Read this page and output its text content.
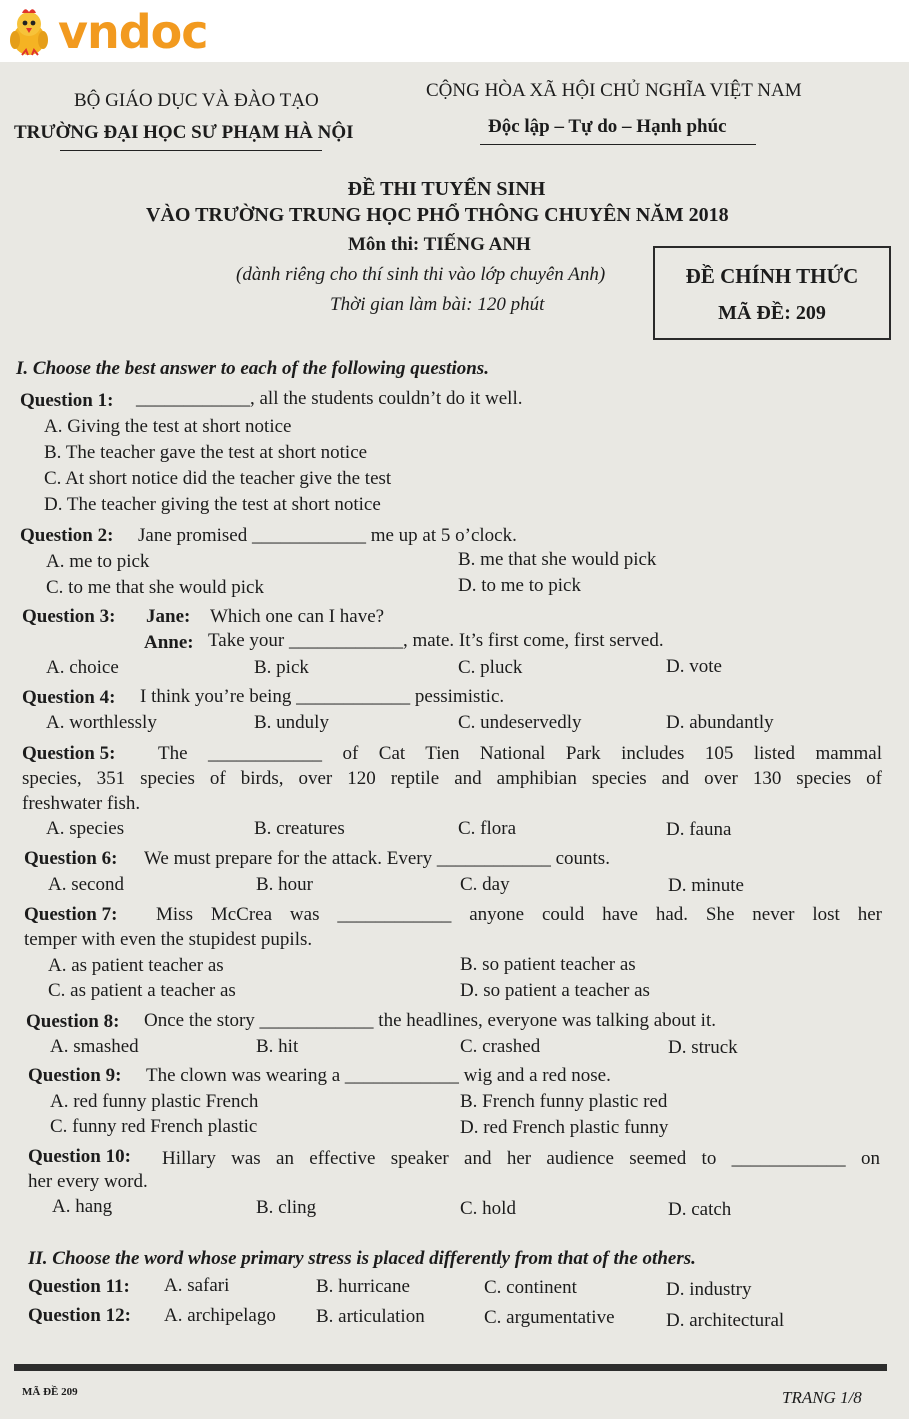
vndoc
BỘ GIÁO DỤC VÀ ĐÀO TẠO
TRƯỜNG ĐẠI HỌC SƯ PHẠM HÀ NỘI
CỘNG HÒA XÃ HỘI CHỦ NGHĨA VIỆT NAM
Độc lập – Tự do – Hạnh phúc
ĐỀ THI TUYỂN SINH
VÀO TRƯỜNG TRUNG HỌC PHỔ THÔNG CHUYÊN NĂM 2018
Môn thi: TIẾNG ANH
(dành riêng cho thí sinh thi vào lớp chuyên Anh)
Thời gian làm bài: 120 phút
ĐỀ CHÍNH THỨC
MÃ ĐỀ: 209
I. Choose the best answer to each of the following questions.
Question 1: ____________, all the students couldn’t do it well.
A. Giving the test at short notice
B. The teacher gave the test at short notice
C. At short notice did the teacher give the test
D. The teacher giving the test at short notice
Question 2: Jane promised ____________ me up at 5 o’clock.
A. me to pick	B. me that she would pick
C. to me that she would pick	D. to me to pick
Question 3: Jane: Which one can I have?
Anne: Take your ____________, mate. It’s first come, first served.
A. choice	B. pick	C. pluck	D. vote
Question 4: I think you’re being ____________ pessimistic.
A. worthlessly	B. unduly	C. undeservedly	D. abundantly
Question 5: The ____________ of Cat Tien National Park includes 105 listed mammal
species, 351 species of birds, over 120 reptile and amphibian species and over 130 species of
freshwater fish.
A. species	B. creatures	C. flora	D. fauna
Question 6: We must prepare for the attack. Every ____________ counts.
A. second	B. hour	C. day	D. minute
Question 7: Miss McCrea was ____________ anyone could have had. She never lost her
temper with even the stupidest pupils.
A. as patient teacher as	B. so patient teacher as
C. as patient a teacher as	D. so patient a teacher as
Question 8: Once the story ____________ the headlines, everyone was talking about it.
A. smashed	B. hit	C. crashed	D. struck
Question 9: The clown was wearing a ____________ wig and a red nose.
A. red funny plastic French	B. French funny plastic red
C. funny red French plastic	D. red French plastic funny
Question 10: Hillary was an effective speaker and her audience seemed to ____________ on
her every word.
A. hang	B. cling	C. hold	D. catch
II. Choose the word whose primary stress is placed differently from that of the others.
Question 11: A. safari	B. hurricane	C. continent	D. industry
Question 12: A. archipelago B. articulation	C. argumentative	D. architectural
MÃ ĐỀ 209	TRANG 1/8
